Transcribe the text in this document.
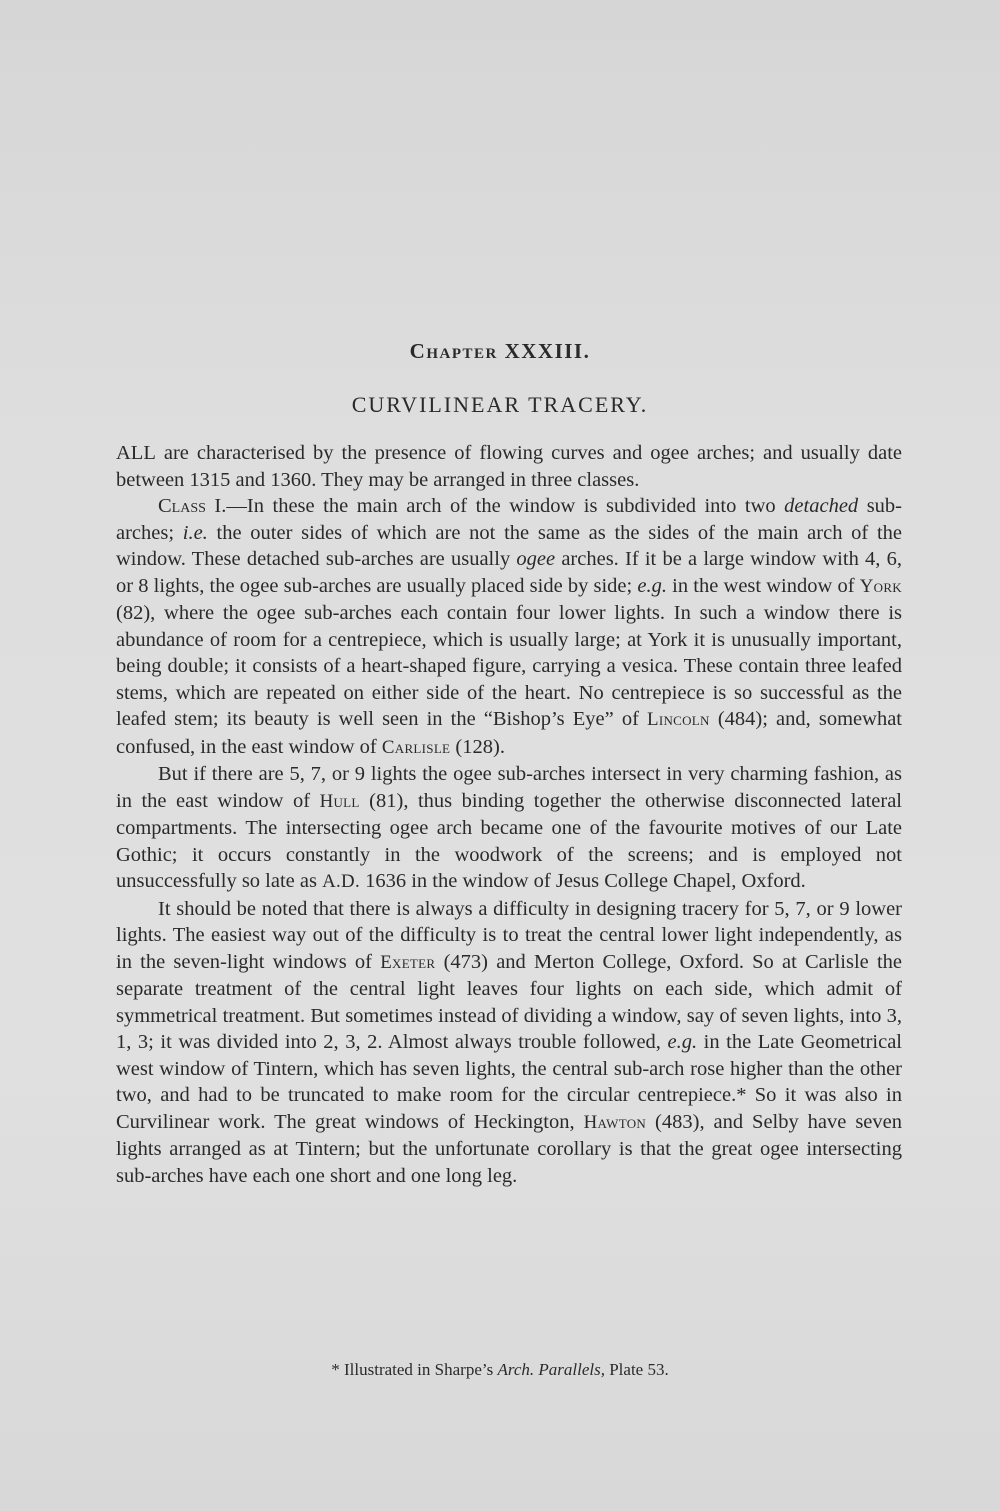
Chapter XXXIII.
CURVILINEAR TRACERY.

ALL are characterised by the presence of flowing curves and ogee arches; and usually date between 1315 and 1360. They may be arranged in three classes.

Class I.—In these the main arch of the window is subdivided into two detached sub-arches; i.e. the outer sides of which are not the same as the sides of the main arch of the window. These detached sub-arches are usually ogee arches. If it be a large window with 4, 6, or 8 lights, the ogee sub-arches are usually placed side by side; e.g. in the west window of York (82), where the ogee sub-arches each contain four lower lights. In such a window there is abundance of room for a centrepiece, which is usually large; at York it is unusually important, being double; it consists of a heart-shaped figure, carrying a vesica. These contain three leafed stems, which are repeated on either side of the heart. No centrepiece is so successful as the leafed stem; its beauty is well seen in the “Bishop’s Eye” of Lincoln (484); and, somewhat confused, in the east window of Carlisle (128).

But if there are 5, 7, or 9 lights the ogee sub-arches intersect in very charming fashion, as in the east window of Hull (81), thus binding together the otherwise disconnected lateral compartments. The intersecting ogee arch became one of the favourite motives of our Late Gothic; it occurs constantly in the woodwork of the screens; and is employed not unsuccessfully so late as A.D. 1636 in the window of Jesus College Chapel, Oxford.

It should be noted that there is always a difficulty in designing tracery for 5, 7, or 9 lower lights. The easiest way out of the difficulty is to treat the central lower light independently, as in the seven-light windows of Exeter (473) and Merton College, Oxford. So at Carlisle the separate treatment of the central light leaves four lights on each side, which admit of symmetrical treatment. But sometimes instead of dividing a window, say of seven lights, into 3, 1, 3; it was divided into 2, 3, 2. Almost always trouble followed, e.g. in the Late Geometrical west window of Tintern, which has seven lights, the central sub-arch rose higher than the other two, and had to be truncated to make room for the circular centrepiece.* So it was also in Curvilinear work. The great windows of Heckington, Hawton (483), and Selby have seven lights arranged as at Tintern; but the unfortunate corollary is that the great ogee intersecting sub-arches have each one short and one long leg.

* Illustrated in Sharpe’s Arch. Parallels, Plate 53.
